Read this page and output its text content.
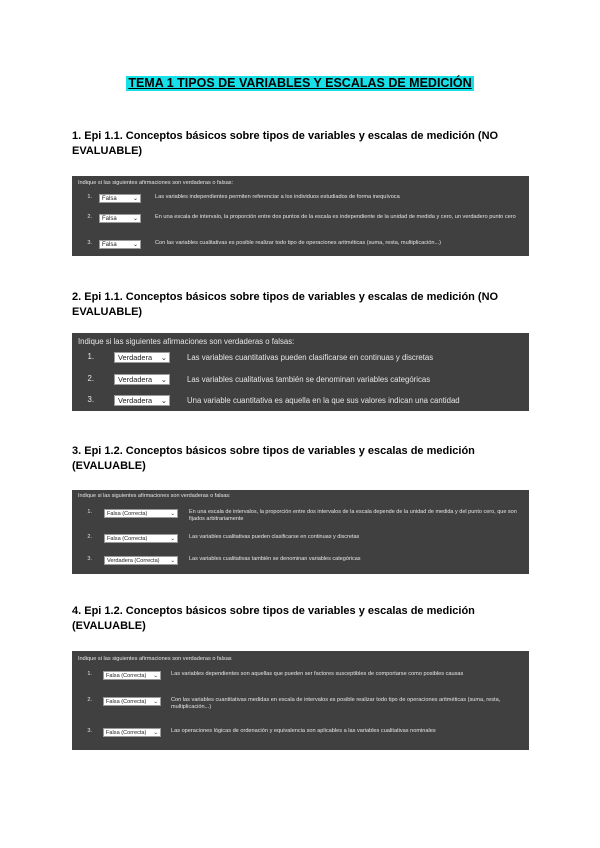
TEMA 1 TIPOS DE VARIABLES Y ESCALAS DE MEDICIÓN
1. Epi 1.1. Conceptos básicos sobre tipos de variables y escalas de medición (NO EVALUABLE)
Indique si las siguientes afirmaciones son verdaderas o falsas:
1.	Falsa	⌄	Las variables independientes permiten referenciar a los individuos estudiados de forma inequívoca
2.	Falsa	⌄	En una escala de intervalo, la proporción entre dos puntos de la escala es independiente de la unidad de medida y cero, un verdadero punto cero
3.	Falsa	⌄	Con las variables cualitativas es posible realizar todo tipo de operaciones aritméticas (suma, resta, multiplicación...)
2. Epi 1.1. Conceptos básicos sobre tipos de variables y escalas de medición (NO EVALUABLE)
Indique si las siguientes afirmaciones son verdaderas o falsas:
1.	Verdadera ⌄	Las variables cuantitativas pueden clasificarse en continuas y discretas
2.	Verdadera ⌄	Las variables cualitativas también se denominan variables categóricas
3.	Verdadera ⌄	Una variable cuantitativa es aquella en la que sus valores indican una cantidad
3. Epi 1.2. Conceptos básicos sobre tipos de variables y escalas de medición (EVALUABLE)
Indique si las siguientes afirmaciones son verdaderas o falsas:
1.	Falsa (Correcta)	⌄	En una escala de intervalos, la proporción entre dos intervalos de la escala depende de la unidad de medida y del punto cero, que son fijados arbitrariamente
2.	Falsa (Correcta)	⌄	Las variables cualitativas pueden clasificarse en continuas y discretas
3.	Verdadera (Correcta) ⌄	Las variables cualitativas también se denominan variables categóricas
4. Epi 1.2. Conceptos básicos sobre tipos de variables y escalas de medición (EVALUABLE)
Indique si las siguientes afirmaciones son verdaderas o falsas
1.	Falsa (Correcta) ⌄ Las variables dependientes son aquellas que pueden ser factores susceptibles de comportarse como posibles causas
2.	Falsa (Correcta) ⌄ Con las variables cuantitativas medidas en escala de intervalos es posible realizar todo tipo de operaciones aritméticas (suma, resta, multiplicación...)
3.	Falsa (Correcta) ⌄ Las operaciones lógicas de ordenación y equivalencia son aplicables a las variables cualitativas nominales
